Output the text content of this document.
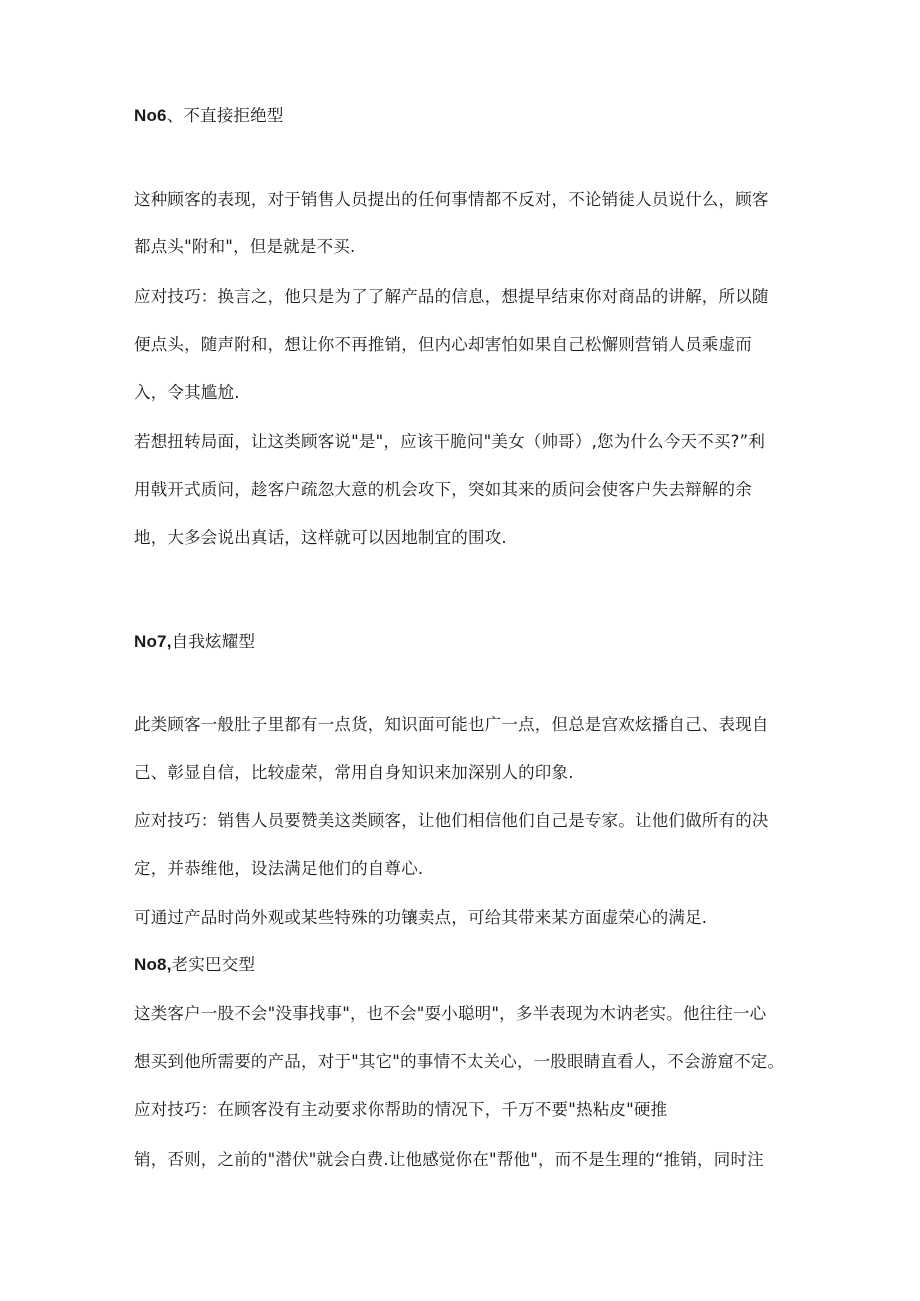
No6、不直接拒绝型
这种顾客的表现，对于销售人员提出的任何事情都不反对，不论销徒人员说什么，顾客
都点头"附和"，但是就是不买.
应对技巧：换言之，他只是为了了解产品的信息，想提早结束你对商品的讲解，所以随
便点头，随声附和，想让你不再推销，但内心却害怕如果自己松懈则营销人员乘虚而
入，令其尴尬.
若想扭转局面，让这类顾客说"是"，应该干脆问"美女（帅哥）,您为什么今天不买?”利
用戟开式质问，趁客户疏忽大意的机会攻下，突如其来的质问会使客户失去辩解的余
地，大多会说出真话，这样就可以因地制宜的围攻.
No7,自我炫耀型
此类顾客一般肚子里都有一点货，知识面可能也广一点，但总是宫欢炫播自己、表现自
己、彰显自信，比较虚荣，常用自身知识来加深别人的印象.
应对技巧：销售人员要赞美这类顾客，让他们相信他们自己是专家。让他们做所有的决
定，并恭维他，设法满足他们的自尊心.
可通过产品时尚外观或某些特殊的功镶卖点，可给其带来某方面虚荣心的满足.
No8,老实巴交型
这类客户一股不会"没事找事"，也不会"耍小聪明"，多半表现为木讷老实。他往往一心
想买到他所需要的产品，对于"其它"的事情不太关心，一股眼睛直看人，不会游窟不定。
应对技巧：在顾客没有主动要求你帮助的情况下，千万不要"热粘皮"硬推
销，否则，之前的"潜伏"就会白费.让他感觉你在"帮他"，而不是生理的“推销，同时注
